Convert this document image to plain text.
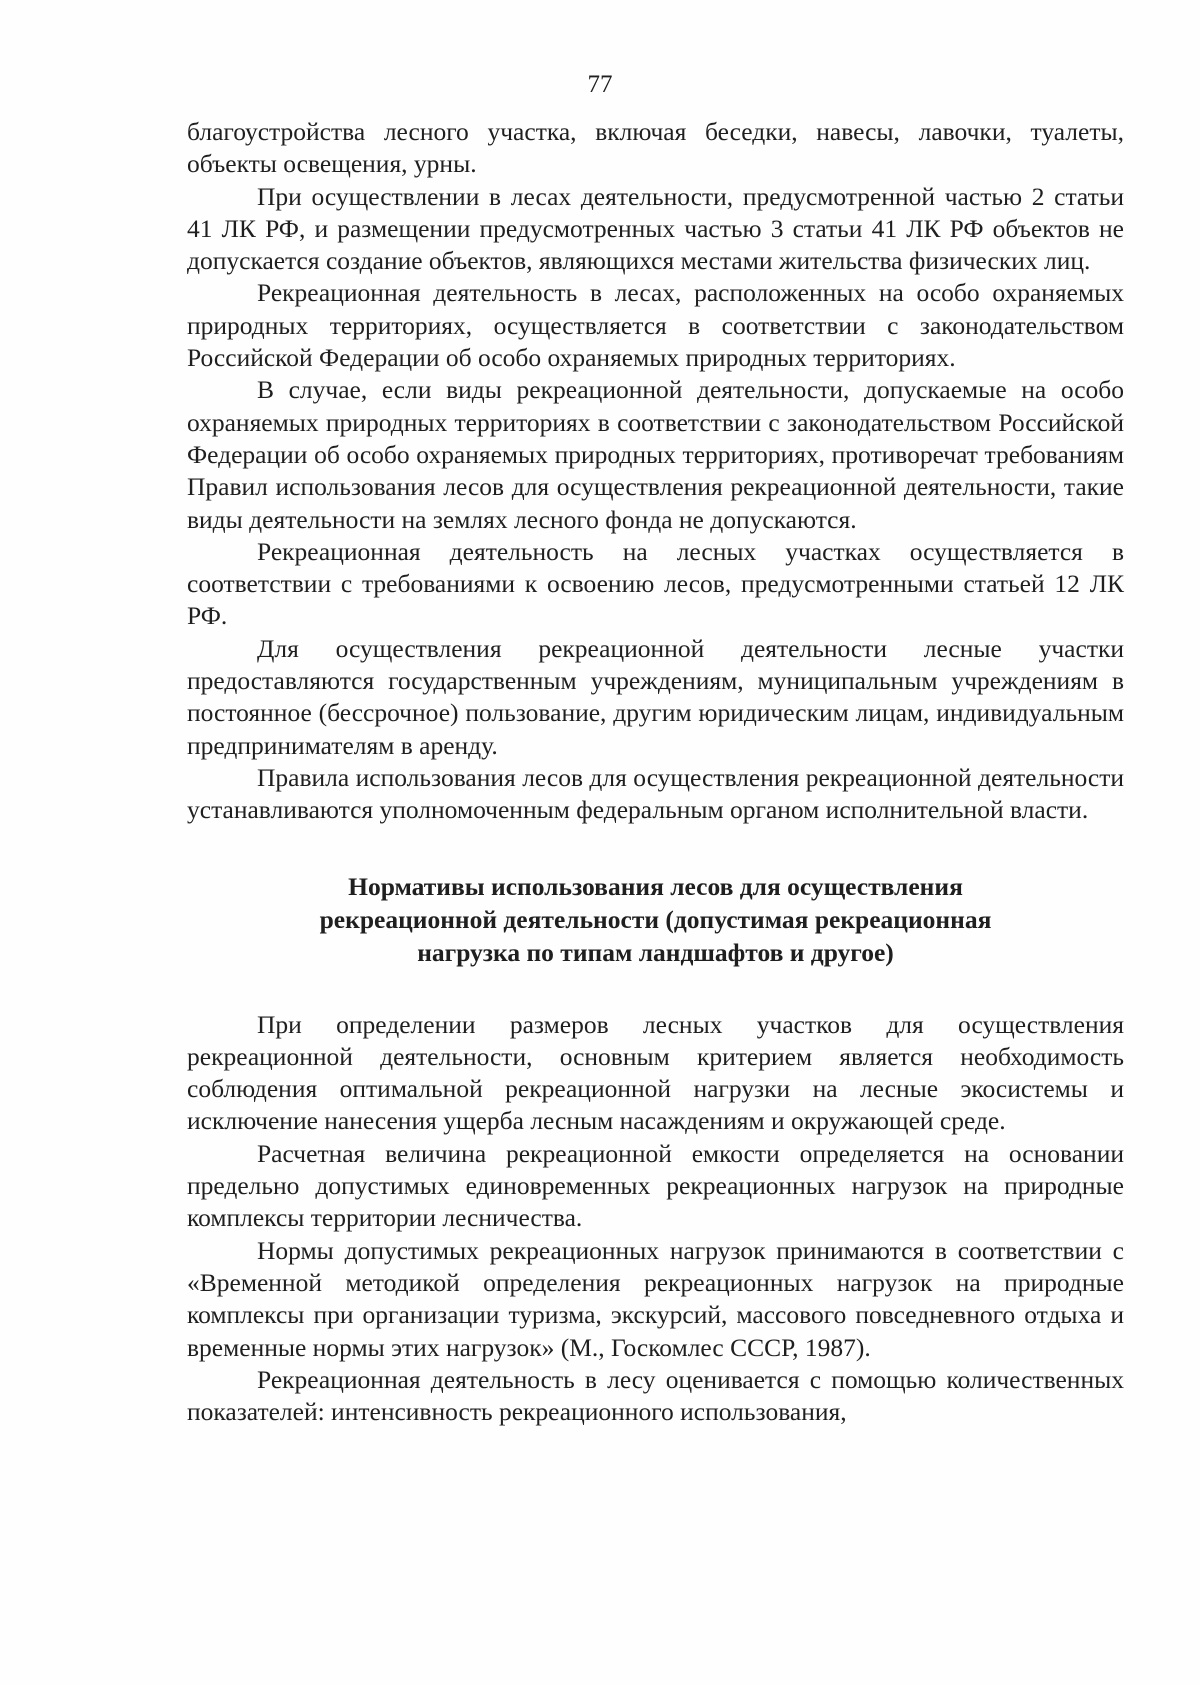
77

благоустройства лесного участка, включая беседки, навесы, лавочки, туалеты, объекты освещения, урны.

При осуществлении в лесах деятельности, предусмотренной частью 2 статьи 41 ЛК РФ, и размещении предусмотренных частью 3 статьи 41 ЛК РФ объектов не допускается создание объектов, являющихся местами жительства физических лиц.

Рекреационная деятельность в лесах, расположенных на особо охраняемых природных территориях, осуществляется в соответствии с законодательством Российской Федерации об особо охраняемых природных территориях.

В случае, если виды рекреационной деятельности, допускаемые на особо охраняемых природных территориях в соответствии с законодательством Российской Федерации об особо охраняемых природных территориях, противоречат требованиям Правил использования лесов для осуществления рекреационной деятельности, такие виды деятельности на землях лесного фонда не допускаются.

Рекреационная деятельность на лесных участках осуществляется в соответствии с требованиями к освоению лесов, предусмотренными статьей 12 ЛК РФ.

Для осуществления рекреационной деятельности лесные участки предоставляются государственным учреждениям, муниципальным учреждениям в постоянное (бессрочное) пользование, другим юридическим лицам, индивидуальным предпринимателям в аренду.

Правила использования лесов для осуществления рекреационной деятельности устанавливаются уполномоченным федеральным органом исполнительной власти.

Нормативы использования лесов для осуществления
рекреационной деятельности (допустимая рекреационная
нагрузка по типам ландшафтов и другое)

При определении размеров лесных участков для осуществления рекреационной деятельности, основным критерием является необходимость соблюдения оптимальной рекреационной нагрузки на лесные экосистемы и исключение нанесения ущерба лесным насаждениям и окружающей среде.

Расчетная величина рекреационной емкости определяется на основании предельно допустимых единовременных рекреационных нагрузок на природные комплексы территории лесничества.

Нормы допустимых рекреационных нагрузок принимаются в соответствии с «Временной методикой определения рекреационных нагрузок на природные комплексы при организации туризма, экскурсий, массового повседневного отдыха и временные нормы этих нагрузок» (М., Госкомлес СССР, 1987).

Рекреационная деятельность в лесу оценивается с помощью количественных показателей: интенсивность рекреационного использования,
